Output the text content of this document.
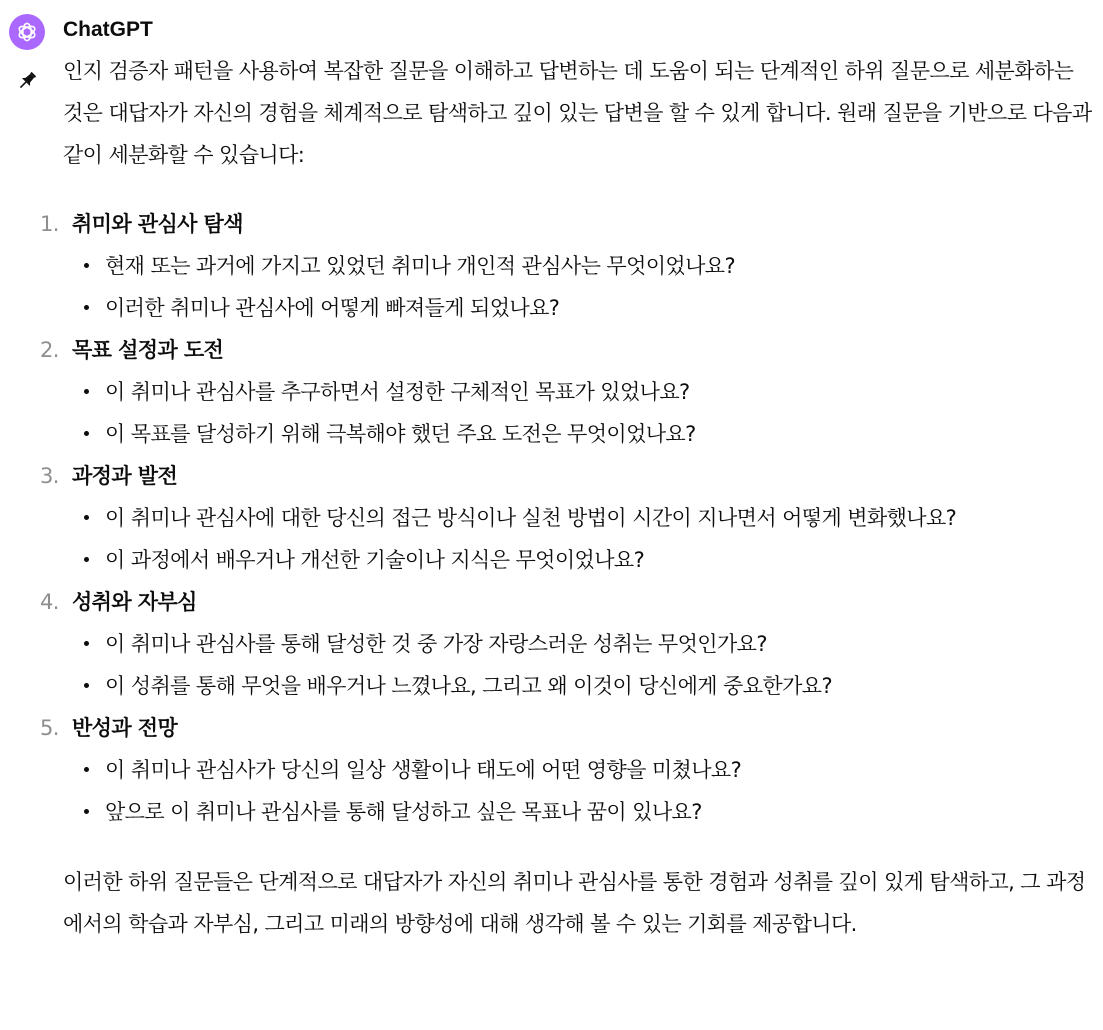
ChatGPT

인지 검증자 패턴을 사용하여 복잡한 질문을 이해하고 답변하는 데 도움이 되는 단계적인 하위 질문으로 세분화하는 것은 대답자가 자신의 경험을 체계적으로 탐색하고 깊이 있는 답변을 할 수 있게 합니다. 원래 질문을 기반으로 다음과 같이 세분화할 수 있습니다:

1. 취미와 관심사 탐색
현재 또는 과거에 가지고 있었던 취미나 개인적 관심사는 무엇이었나요?
이러한 취미나 관심사에 어떻게 빠져들게 되었나요?
2. 목표 설정과 도전
이 취미나 관심사를 추구하면서 설정한 구체적인 목표가 있었나요?
이 목표를 달성하기 위해 극복해야 했던 주요 도전은 무엇이었나요?
3. 과정과 발전
이 취미나 관심사에 대한 당신의 접근 방식이나 실천 방법이 시간이 지나면서 어떻게 변화했나요?
이 과정에서 배우거나 개선한 기술이나 지식은 무엇이었나요?
4. 성취와 자부심
이 취미나 관심사를 통해 달성한 것 중 가장 자랑스러운 성취는 무엇인가요?
이 성취를 통해 무엇을 배우거나 느꼈나요, 그리고 왜 이것이 당신에게 중요한가요?
5. 반성과 전망
이 취미나 관심사가 당신의 일상 생활이나 태도에 어떤 영향을 미쳤나요?
앞으로 이 취미나 관심사를 통해 달성하고 싶은 목표나 꿈이 있나요?

이러한 하위 질문들은 단계적으로 대답자가 자신의 취미나 관심사를 통한 경험과 성취를 깊이 있게 탐색하고, 그 과정에서의 학습과 자부심, 그리고 미래의 방향성에 대해 생각해 볼 수 있는 기회를 제공합니다.
